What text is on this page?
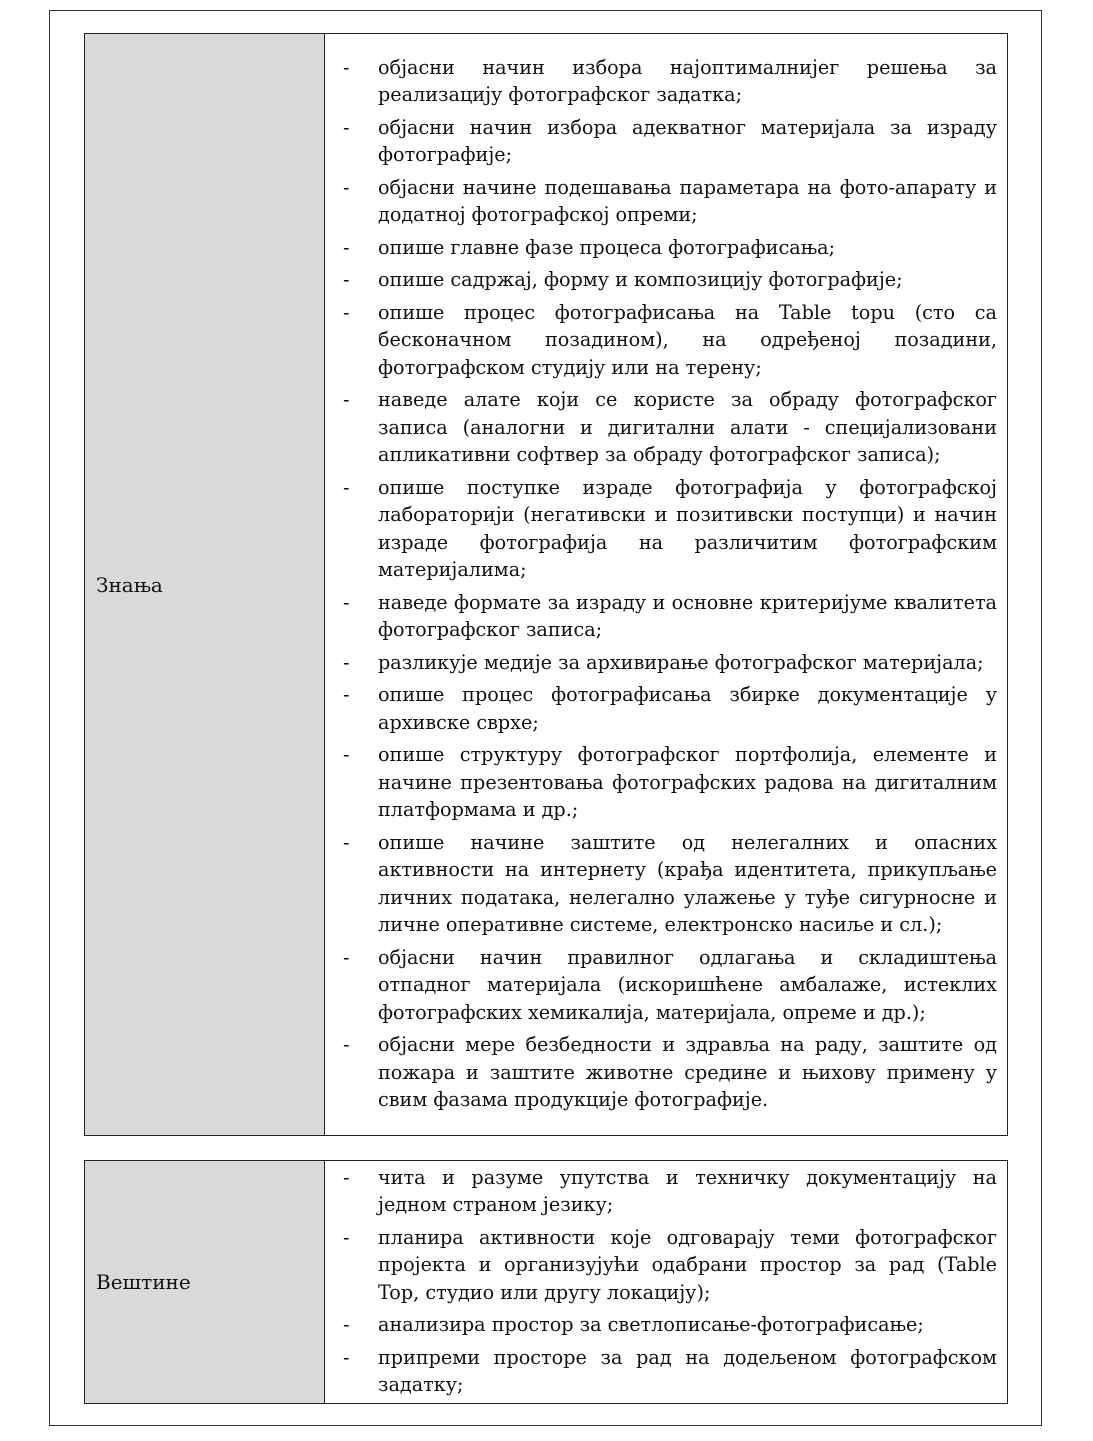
Знања	
- објасни начин избора најоптималнијег решења за реализацију фотографског задатка;
- објасни начин избора адекватног материјала за израду фотографије;
- објасни начине подешавања параметара на фото-апарату и додатној фотографској опреми;
- опише главне фазе процеса фотографисања;
- опише садржај, форму и композицију фотографије;
- опише процес фотографисања на Table topu (сто са бесконачном позадином), на одређеној позадини, фотографском студију или на терену;
- наведе алате који се користе за обраду фотографског записа (аналогни и дигитални алати - специјализовани апликативни софтвер за обраду фотографског записа);
- опише поступке израде фотографија у фотографској лабораторији (негативски и позитивски поступци) и начин израде фотографија на различитим фотографским материјалима;
- наведе формате за израду и основне критеријуме квалитета фотографског записа;
- разликује медије за архивирање фотографског материјала;
- опише процес фотографисања збирке документације у архивске сврхе;
- опише структуру фотографског портфолија, елементе и начине презентовања фотографских радова на дигиталним платформама и др.;
- опише начине заштите од нелегалних и опасних активности на интернету (крађа идентитета, прикупљање личних података, нелегално улажење у туђе сигурносне и личне оперативне системе, електронско насиље и сл.);
- објасни начин правилног одлагања и складиштења отпадног материјала (искоришћене амбалаже, истеклих фотографских хемикалија, материјала, опреме и др.);
- објасни мере безбедности и здравља на раду, заштите од пожара и заштите животне средине и њихову примену у свим фазама продукције фотографије.
Вештине	
- чита и разуме упутства и техничку документацију на једном страном језику;
- планира активности које одговарају теми фотографског пројекта и организујући одабрани простор за рад (Table Top, студио или другу локацију);
- анализира простор за светлописање-фотографисање;
- припреми просторе за рад на додељеном фотографском задатку;
